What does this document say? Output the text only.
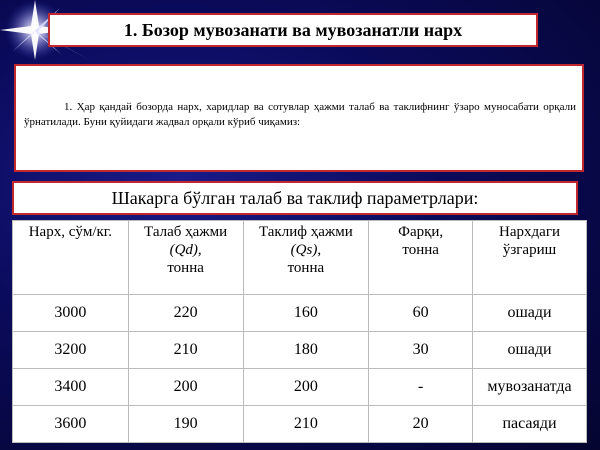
1. Бозор мувозанати ва мувозанатли нарх
1. Ҳар қандай бозорда нарх, харидлар ва сотувлар ҳажми талаб ва таклифнинг ўзаро муносабати орқали ўрнатилади. Буни қуйидаги жадвал орқали кўриб чиқамиз:
Шакарга бўлган талаб ва таклиф параметрлари:
Нарх, сўм/кг.	Талаб ҳажми
(Qd),
тонна	Таклиф ҳажми
(Qs),
тонна	Фарқи,
тонна	Нархдаги
ўзгариш
3000	220	160	60	ошади
3200	210	180	30	ошади
3400	200	200	-	мувозанатда
3600	190	210	20	пасаяди
